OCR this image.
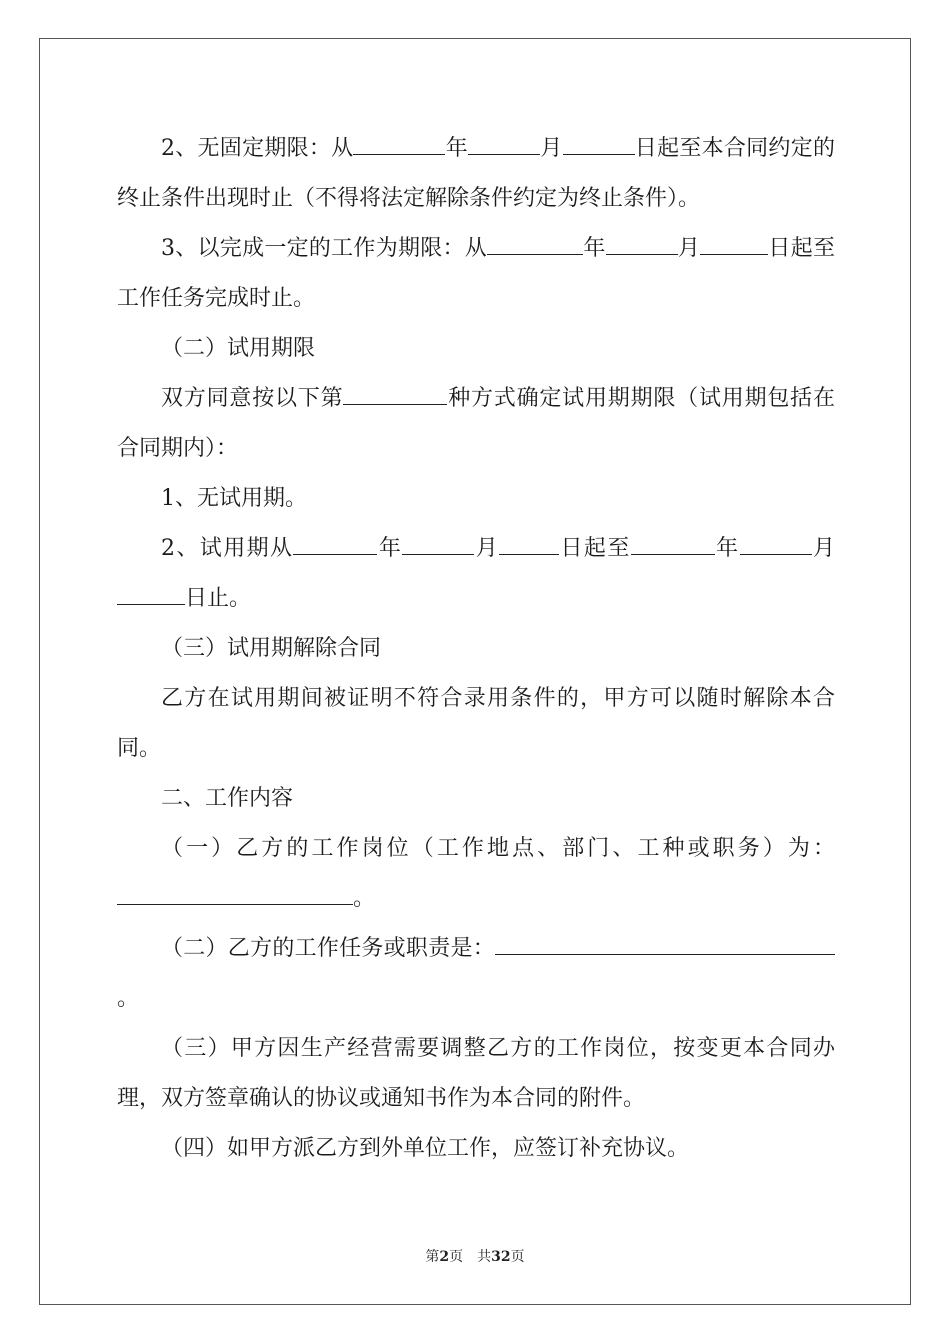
2、无固定期限：从	年	月	日起至本合同约定的终止条件出现时止（不得将法定解除条件约定为终止条件）。

3、以完成一定的工作为期限：从	年	月	日起至工作任务完成时止。

（二）试用期限

双方同意按以下第	种方式确定试用期期限（试用期包括在合同期内）：

1、无试用期。

2、试用期从	年	月	日起至	年	月日止。

（三）试用期解除合同

乙方在试用期间被证明不符合录用条件的，甲方可以随时解除本合同。

二、工作内容

（一）乙方的工作岗位（工作地点、部门、工种或职务）为：。

（二）乙方的工作任务或职责是：。

（三）甲方因生产经营需要调整乙方的工作岗位，按变更本合同办理，双方签章确认的协议或通知书作为本合同的附件。

（四）如甲方派乙方到外单位工作，应签订补充协议。

第2页　共32页
